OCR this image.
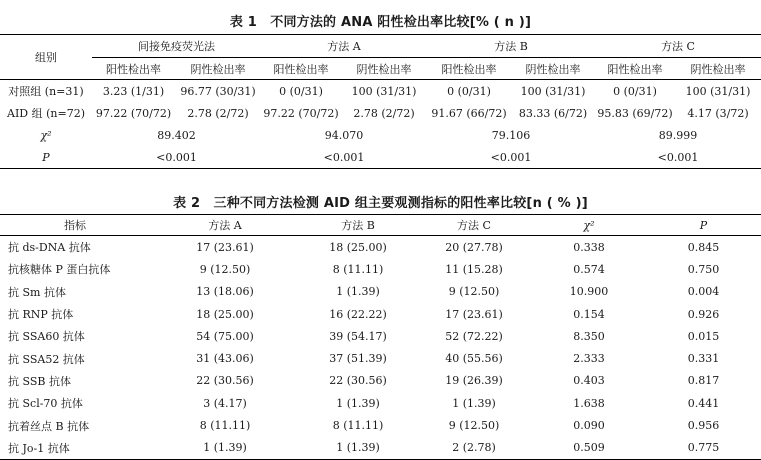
表 1　不同方法的 ANA 阳性检出率比较[% ( n )]
组别	间接免疫荧光法		方法 A		方法 B		方法 C	
	阳性检出率	阴性检出率	阳性检出率	阴性检出率	阳性检出率	阴性检出率	阳性检出率	阴性检出率
对照组 (n=31)	3.23 (1/31)	96.77 (30/31)	0 (0/31)	100 (31/31)	0 (0/31)	100 (31/31)	0 (0/31)	100 (31/31)
AID 组 (n=72)	97.22 (70/72)	2.78 (2/72)	97.22 (70/72)	2.78 (2/72)	91.67 (66/72)	83.33 (6/72)	95.83 (69/72)	4.17 (3/72)
χ²	89.402		94.070		79.106		89.999	
P	<0.001		<0.001		<0.001		<0.001	
表 2　三种不同方法检测 AID 组主要观测指标的阳性率比较[n ( % )]
指标	方法 A	方法 B	方法 C	χ²	P
抗 ds-DNA 抗体	17 (23.61)	18 (25.00)	20 (27.78)	0.338	0.845
抗核糖体 P 蛋白抗体	9 (12.50)	8 (11.11)	11 (15.28)	0.574	0.750
抗 Sm 抗体	13 (18.06)	1 (1.39)	9 (12.50)	10.900	0.004
抗 RNP 抗体	18 (25.00)	16 (22.22)	17 (23.61)	0.154	0.926
抗 SSA60 抗体	54 (75.00)	39 (54.17)	52 (72.22)	8.350	0.015
抗 SSA52 抗体	31 (43.06)	37 (51.39)	40 (55.56)	2.333	0.331
抗 SSB 抗体	22 (30.56)	22 (30.56)	19 (26.39)	0.403	0.817
抗 Scl-70 抗体	3 (4.17)	1 (1.39)	1 (1.39)	1.638	0.441
抗着丝点 B 抗体	8 (11.11)	8 (11.11)	9 (12.50)	0.090	0.956
抗 Jo-1 抗体	1 (1.39)	1 (1.39)	2 (2.78)	0.509	0.775
